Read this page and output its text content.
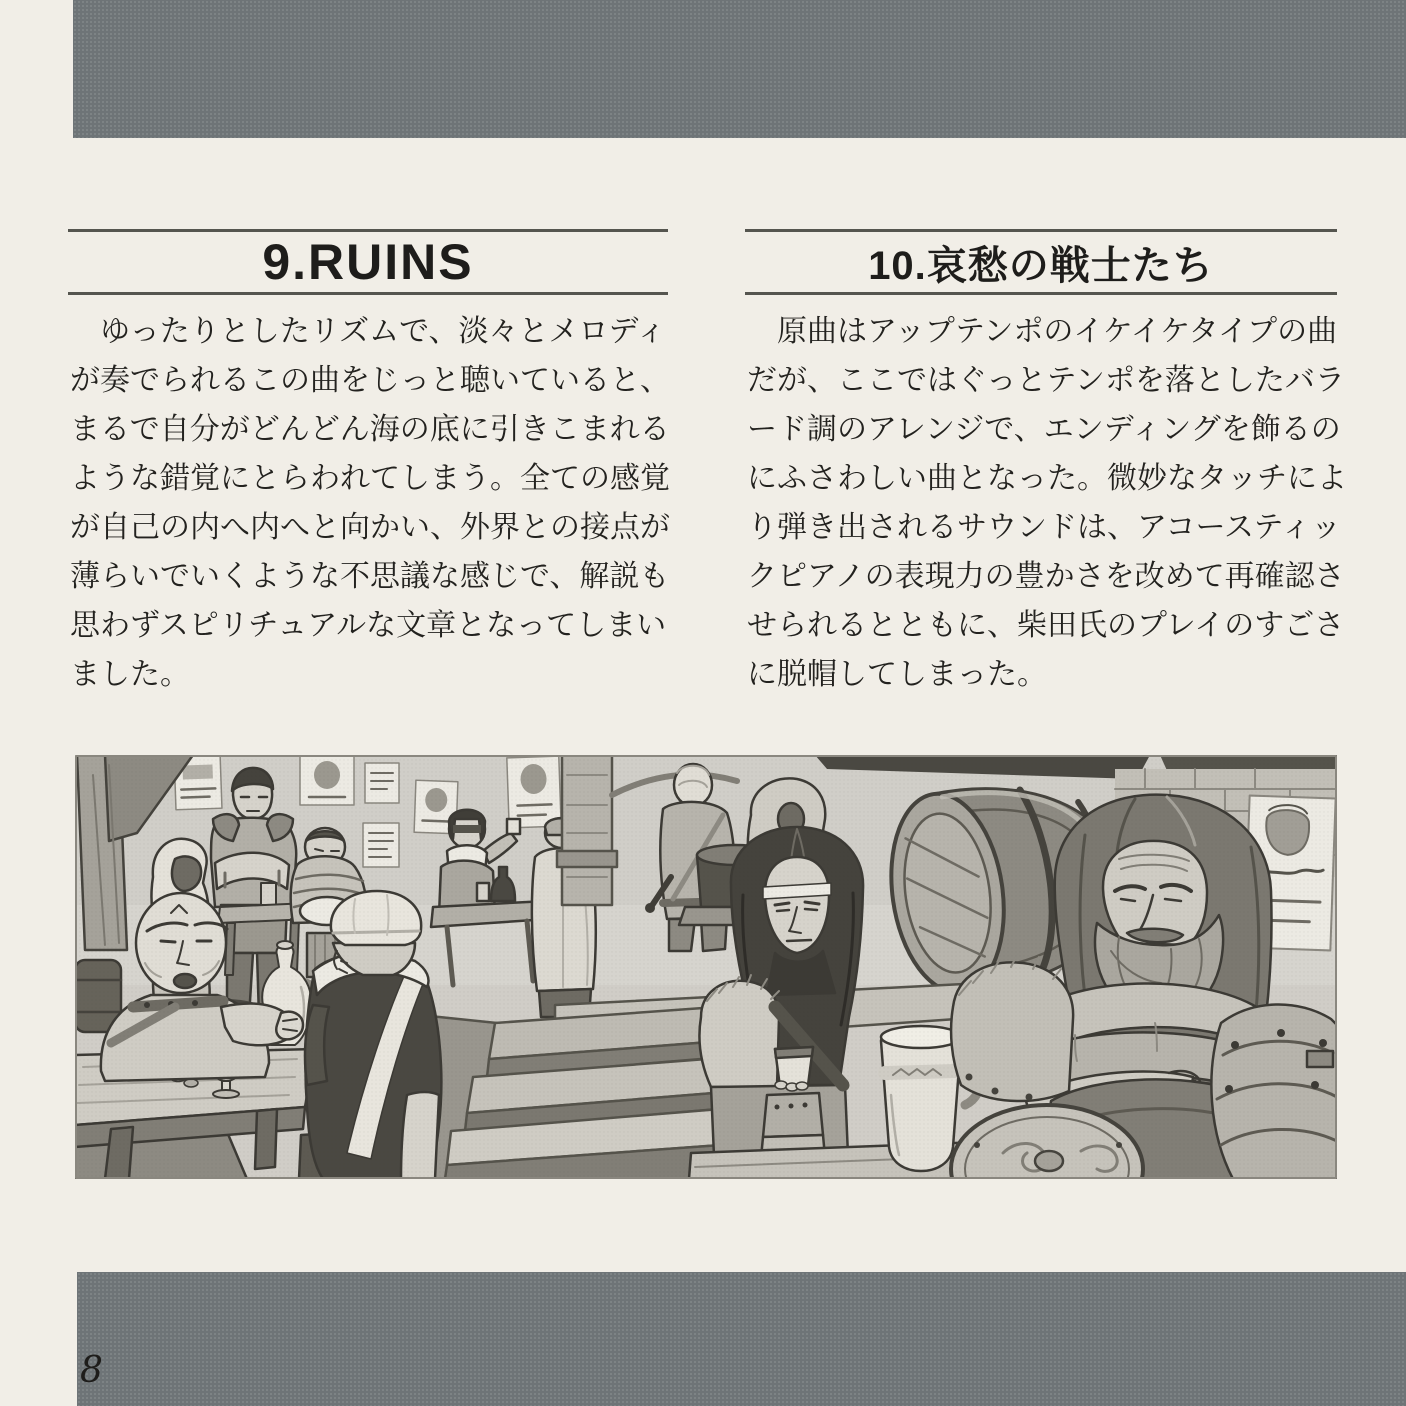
9.RUINS
　ゆったりとしたリズムで、淡々とメロディ
が奏でられるこの曲をじっと聴いていると、
まるで自分がどんどん海の底に引きこまれる
ような錯覚にとらわれてしまう。全ての感覚
が自己の内へ内へと向かい、外界との接点が
薄らいでいくような不思議な感じで、解説も
思わずスピリチュアルな文章となってしまい
ました。
10.哀愁の戦士たち
　原曲はアップテンポのイケイケタイプの曲
だが、ここではぐっとテンポを落としたバラ
ード調のアレンジで、エンディングを飾るの
にふさわしい曲となった。微妙なタッチによ
り弾き出されるサウンドは、アコースティッ
クピアノの表現力の豊かさを改めて再確認さ
せられるとともに、柴田氏のプレイのすごさ
に脱帽してしまった。
8
